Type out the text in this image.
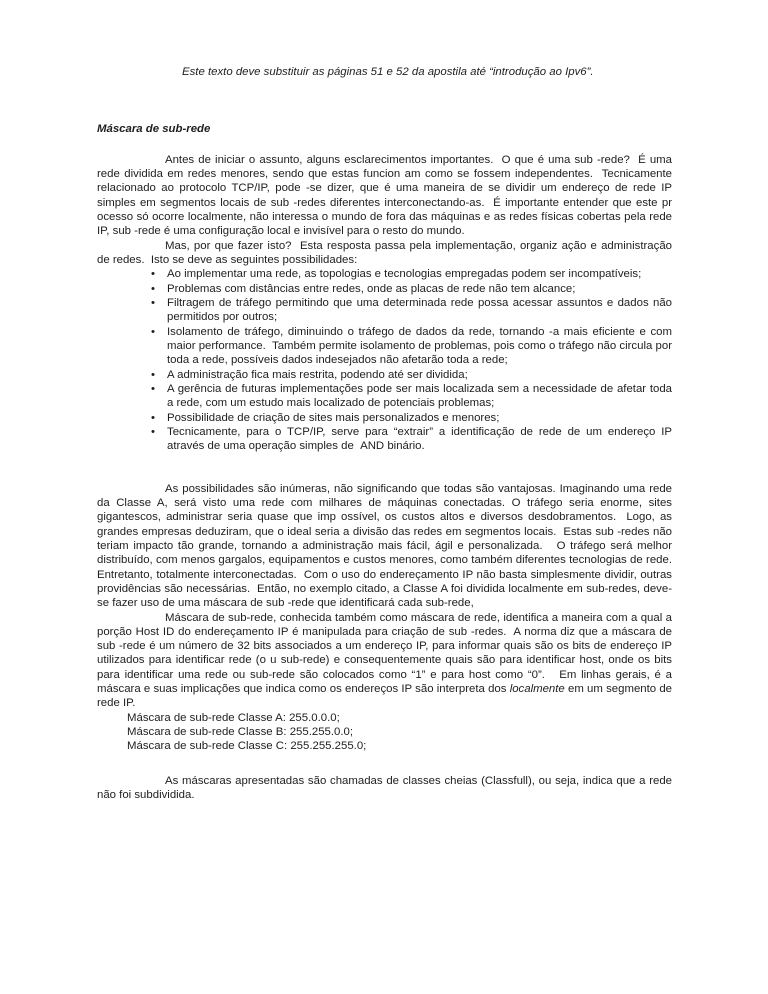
Este texto deve substituir as páginas 51 e 52 da apostila até “introdução ao Ipv6”.

Máscara de sub-rede

Antes de iniciar o assunto, alguns esclarecimentos importantes.  O que é uma sub -rede?  É uma rede dividida em redes menores, sendo que estas funcion am como se fossem independentes.  Tecnicamente relacionado ao protocolo TCP/IP, pode -se dizer, que é uma maneira de se dividir um endereço de rede IP simples em segmentos locais de sub -redes diferentes interconectando-as.  É importante entender que este pr ocesso só ocorre localmente, não interessa o mundo de fora das máquinas e as redes físicas cobertas pela rede IP, sub -rede é uma configuração local e invisível para o resto do mundo.

Mas, por que fazer isto?  Esta resposta passa pela implementação, organiz ação e administração de redes.  Isto se deve as seguintes possibilidades:

• Ao implementar uma rede, as topologias e tecnologias empregadas podem ser incompatíveis;
• Problemas com distâncias entre redes, onde as placas de rede não tem alcance;
• Filtragem de tráfego permitindo que uma determinada rede possa acessar assuntos e dados não permitidos por outros;
• Isolamento de tráfego, diminuindo o tráfego de dados da rede, tornando -a mais eficiente e com maior performance.  Também permite isolamento de problemas, pois como o tráfego não circula por toda a rede, possíveis dados indesejados não afetarão toda a rede;
• A administração fica mais restrita, podendo até ser dividida;
• A gerência de futuras implementações pode ser mais localizada sem a necessidade de afetar toda a rede, com um estudo mais localizado de potenciais problemas;
• Possibilidade de criação de sites mais personalizados e menores;
• Tecnicamente, para o TCP/IP, serve para “extrair” a identificação de rede de um endereço IP através de uma operação simples de  AND binário.

As possibilidades são inúmeras, não significando que todas são vantajosas. Imaginando uma rede da Classe A, será visto uma rede com milhares de máquinas conectadas. O tráfego seria enorme, sites gigantescos, administrar seria quase que imp ossível, os custos altos e diversos desdobramentos.  Logo, as grandes empresas deduziram, que o ideal seria a divisão das redes em segmentos locais.  Estas sub -redes não teriam impacto tão grande, tornando a administração mais fácil, ágil e personalizada.   O tráfego será melhor distribuído, com menos gargalos, equipamentos e custos menores, como também diferentes tecnologias de rede. Entretanto, totalmente interconectadas.  Com o uso do endereçamento IP não basta simplesmente dividir, outras providências são necessárias.  Então, no exemplo citado, a Classe A foi dividida localmente em sub-redes, deve-se fazer uso de uma máscara de sub -rede que identificará cada sub-rede,

Máscara de sub-rede, conhecida também como máscara de rede, identifica a maneira com a qual a porção Host ID do endereçamento IP é manipulada para criação de sub -redes.  A norma diz que a máscara de sub -rede é um número de 32 bits associados a um endereço IP, para informar quais são os bits de endereço IP utilizados para identificar rede (o u sub-rede) e consequentemente quais são para identificar host, onde os bits para identificar uma rede ou sub-rede são colocados como “1” e para host como “0”.   Em linhas gerais, é a máscara e suas implicações que indica como os endereços IP são interpreta dos localmente em um segmento de rede IP.

Máscara de sub-rede Classe A: 255.0.0.0;
Máscara de sub-rede Classe B: 255.255.0.0;
Máscara de sub-rede Classe C: 255.255.255.0;

As máscaras apresentadas são chamadas de classes cheias (Classfull), ou seja, indica que a rede não foi subdividida.
